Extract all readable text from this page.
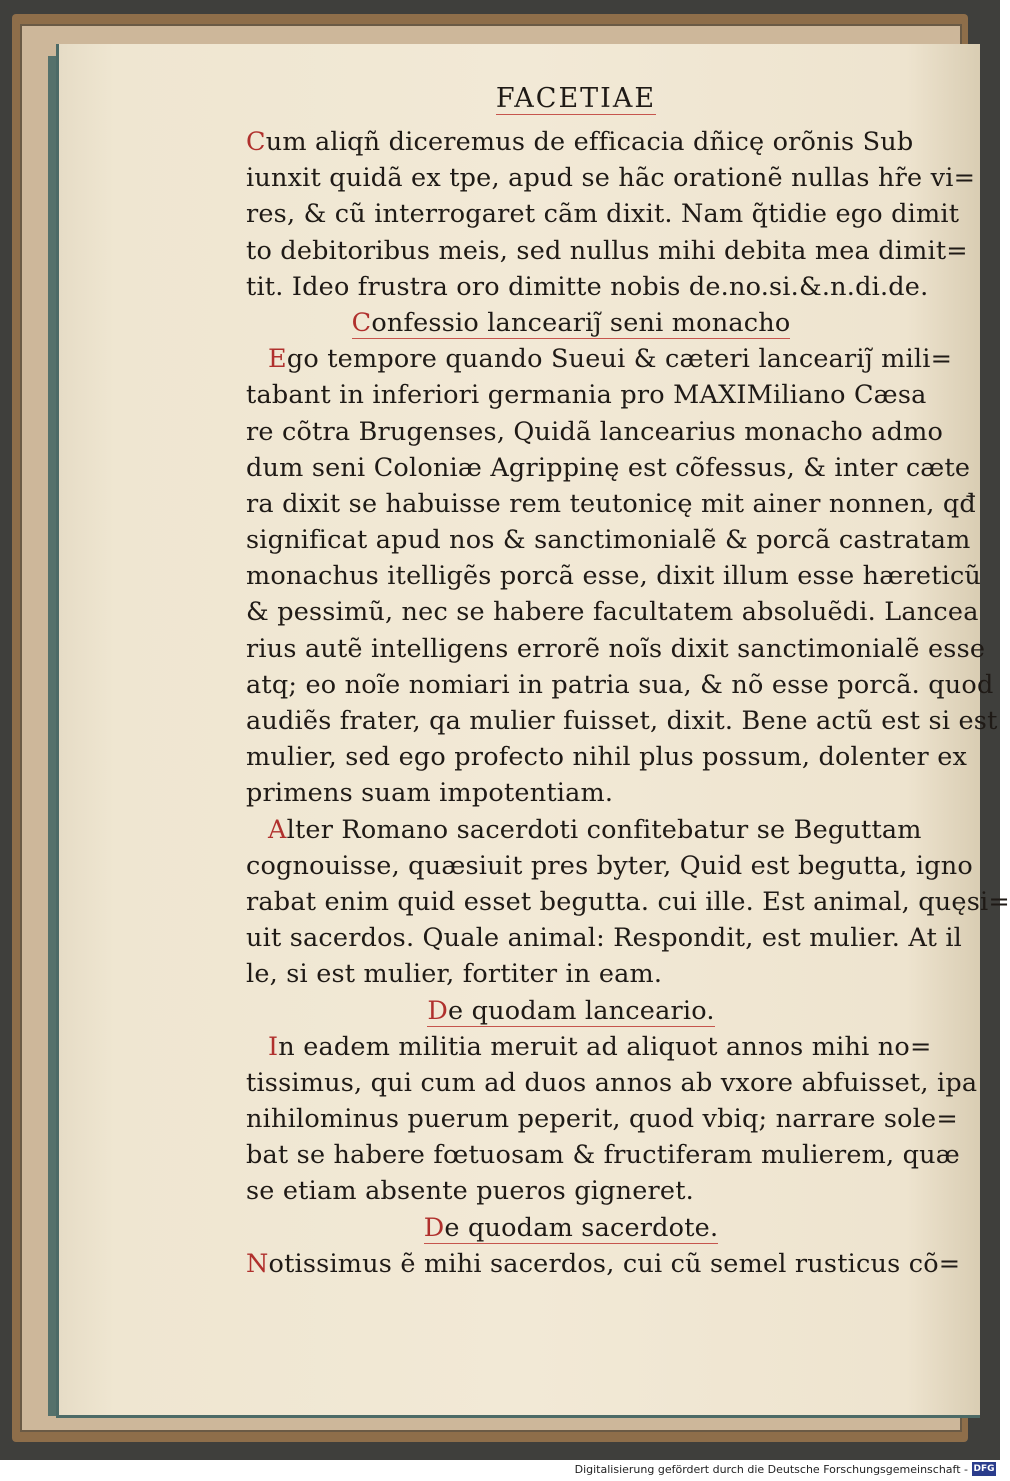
FACETIAE
Cum aliqñ diceremus de efficacia dñicę orõnis Sub
iunxit quidã ex tpe, apud se hãc orationẽ nullas hr̃e vi=
res, & cũ interrogaret cãm dixit. Nam q̃tidie ego dimit
to debitoribus meis, sed nullus mihi debita mea dimit=
tit. Ideo frustra oro dimitte nobis de.no.si.&.n.di.de.
Confessio lanceariȷ̃ seni monacho
Ego tempore quando Sueui & cæteri lanceariȷ̃ mili=
tabant in inferiori germania pro MAXIMiliano Cæsa
re cõtra Brugenses, Quidã lancearius monacho admo
dum seni Coloniæ Agrippinę est cõfessus, & inter cæte
ra dixit se habuisse rem teutonicę mit ainer nonnen, qđ
significat apud nos & sanctimonialẽ & porcã castratam
monachus itelligẽs porcã esse, dixit illum esse hæreticũ
& pessimũ, nec se habere facultatem absoluẽdi. Lancea
rius autẽ intelligens errorẽ noĩs dixit sanctimonialẽ esse
atq; eo noĩe nomiari in patria sua, & nõ esse porcã. quod
audiẽs frater, qa mulier fuisset, dixit. Bene actũ est si est
mulier, sed ego profecto nihil plus possum, dolenter ex
primens suam impotentiam.
Alter Romano sacerdoti confitebatur se Beguttam
cognouisse, quæsiuit pres byter, Quid est begutta, igno
rabat enim quid esset begutta. cui ille. Est animal, quęsi=
uit sacerdos. Quale animal: Respondit, est mulier. At il
le, si est mulier, fortiter in eam.
De quodam lanceario.
In eadem militia meruit ad aliquot annos mihi no=
tissimus, qui cum ad duos annos ab vxore abfuisset, ipa
nihilominus puerum peperit, quod vbiq; narrare sole=
bat se habere fœtuosam & fructiferam mulierem, quæ
se etiam absente pueros gigneret.
De quodam sacerdote.
Notissimus ẽ mihi sacerdos, cui cũ semel rusticus cõ=
Digitalisierung gefördert durch die Deutsche Forschungsgemeinschaft - DFG
